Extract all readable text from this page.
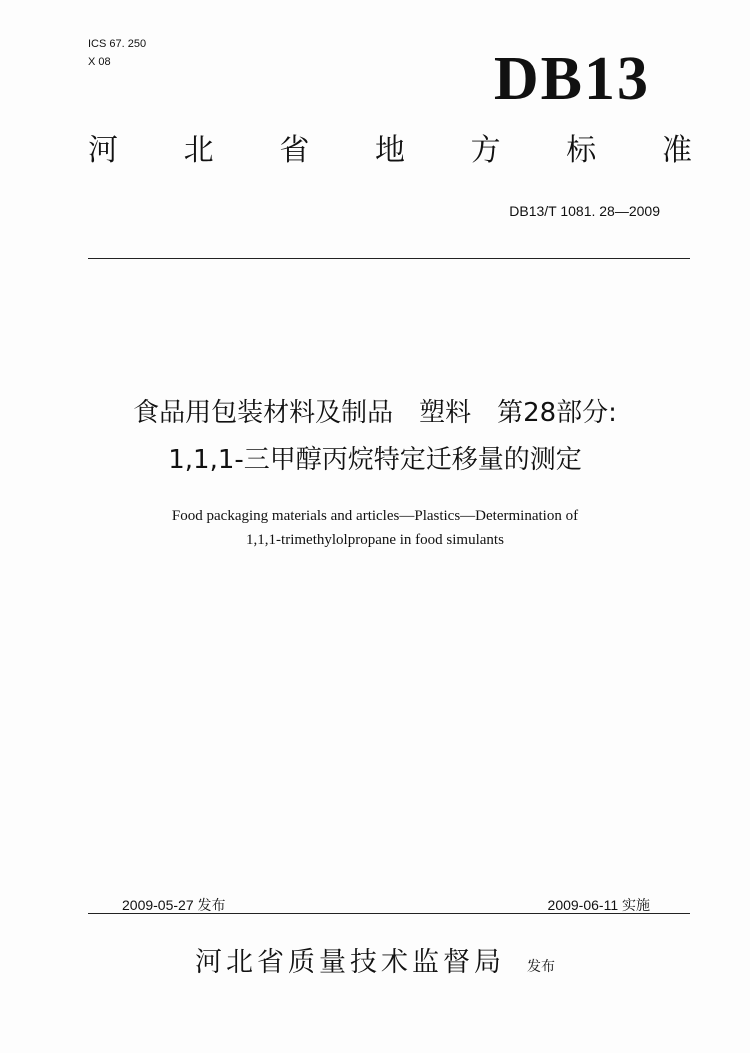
ICS 67. 250
X 08	DB13
河 北 省 地 方 标 准
DB13/T 1081. 28—2009
食品用包装材料及制品　塑料　第28部分:
1,1,1-三甲醇丙烷特定迁移量的测定
Food packaging materials and articles—Plastics—Determination of
1,1,1-trimethylolpropane in food simulants
2009-05-27 发布	2009-06-11 实施
河北省质量技术监督局 发布
